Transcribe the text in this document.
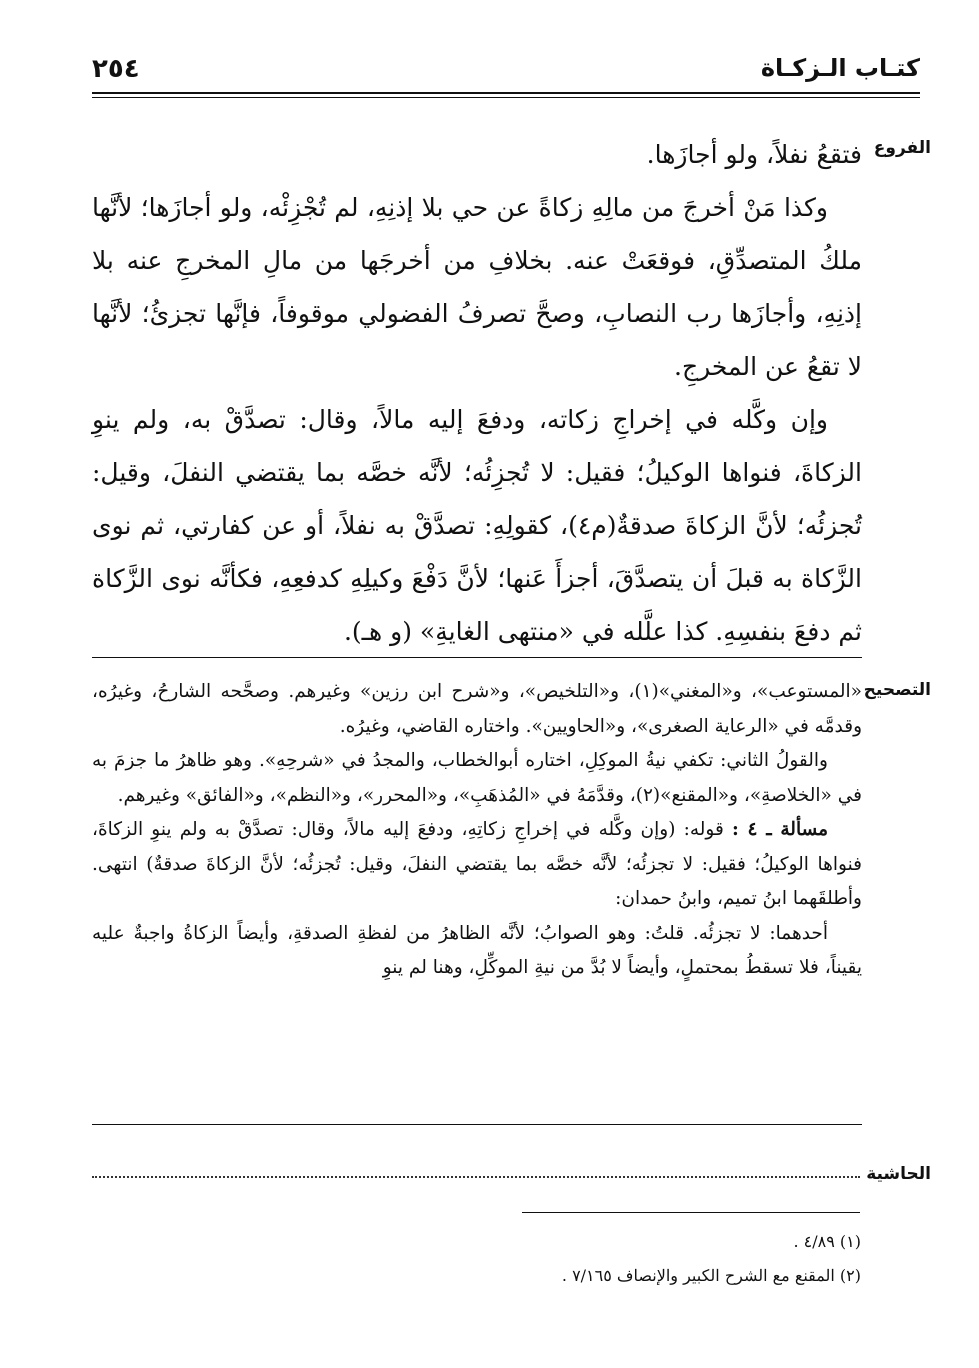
كتـاب الـزكـاة
٢٥٤
الفروع

فتقعُ نفلاً، ولو أجازَها.

وكذا مَنْ أخرجَ من مالِهِ زكاةً عن حي بلا إذنِهِ، لم تُجْزِئْه، ولو أجازَها؛ لأنَّها ملكُ المتصدِّقِ، فوقعَتْ عنه. بخلافِ من أخرجَها من مالِ المخرجِ عنه بلا إذنِهِ، وأجازَها رب النصابِ، وصحَّ تصرفُ الفضولي موقوفاً، فإنَّها تجزئُ؛ لأنَّها لا تقعُ عن المخرجِ.

وإن وكَّله في إخراجِ زكاته، ودفعَ إليه مالاً، وقال: تصدَّقْ به، ولم ينوِ الزكاةَ، فنواها الوكيلُ؛ فقيل: لا تُجزِئُه؛ لأنَّه خصَّه بما يقتضي النفلَ، وقيل: تُجزئُه؛ لأنَّ الزكاةَ صدقةٌ(م٤)، كقولِهِ: تصدَّقْ به نفلاً، أو عن كفارتي، ثم نوى الزَّكاة به قبلَ أن يتصدَّقَ، أجزأَ عَنها؛ لأنَّ دَفْعَ وكيلِهِ كدفعِهِ، فكأنَّه نوى الزَّكاة ثم دفعَ بنفسِهِ. كذا علَّله في «منتهى الغايةِ» (و هـ).

التصحيح

«المستوعب»، و«المغني»(١)، و«التلخيص»، و«شرح ابن رزين» وغيرهم. وصحَّحه الشارحُ، وغيرُه، وقدمَّه في «الرعاية الصغرى»، و«الحاويين». واختاره القاضي، وغيرُه.

والقولُ الثاني: تكفي نيةُ الموكِلِ، اختاره أبوالخطاب، والمجدُ في «شرحِهِ». وهو ظاهرُ ما جزمَ به في «الخلاصةِ»، و«المقنع»(٢)، وقدَّمَهُ في «المُذهَبِ»، و«المحرر»، و«النظم»، و«الفائق» وغيرهم.

مسألة ـ ٤ : قوله: (وإن وكَّله في إخراجِ زكاتِهِ، ودفعَ إليه مالاً، وقال: تصدَّقْ به ولم ينوِ الزكاةَ، فنواها الوكيلُ؛ فقيل: لا تجزئُه؛ لأنَّه خصَّه بما يقتضي النفلَ، وقيل: تُجزئُه؛ لأنَّ الزكاةَ صدقةٌ) انتهى. وأطلقَهما ابنُ تميم، وابنُ حمدان:

أحدهما: لا تجزئُه. قلتُ: وهو الصوابُ؛ لأنَّه الظاهرُ من لفظةِ الصدقةِ، وأيضاً الزكاةُ واجبةٌ عليه يقيناً، فلا تسقطُ بمحتملٍ، وأيضاً لا بُدَّ من نيةِ الموكِّلِ، وهنا لم ينوِ

الحاشية
(١) ٤/٨٩ .
(٢) المقنع مع الشرح الكبير والإنصاف ٧/١٦٥ .
